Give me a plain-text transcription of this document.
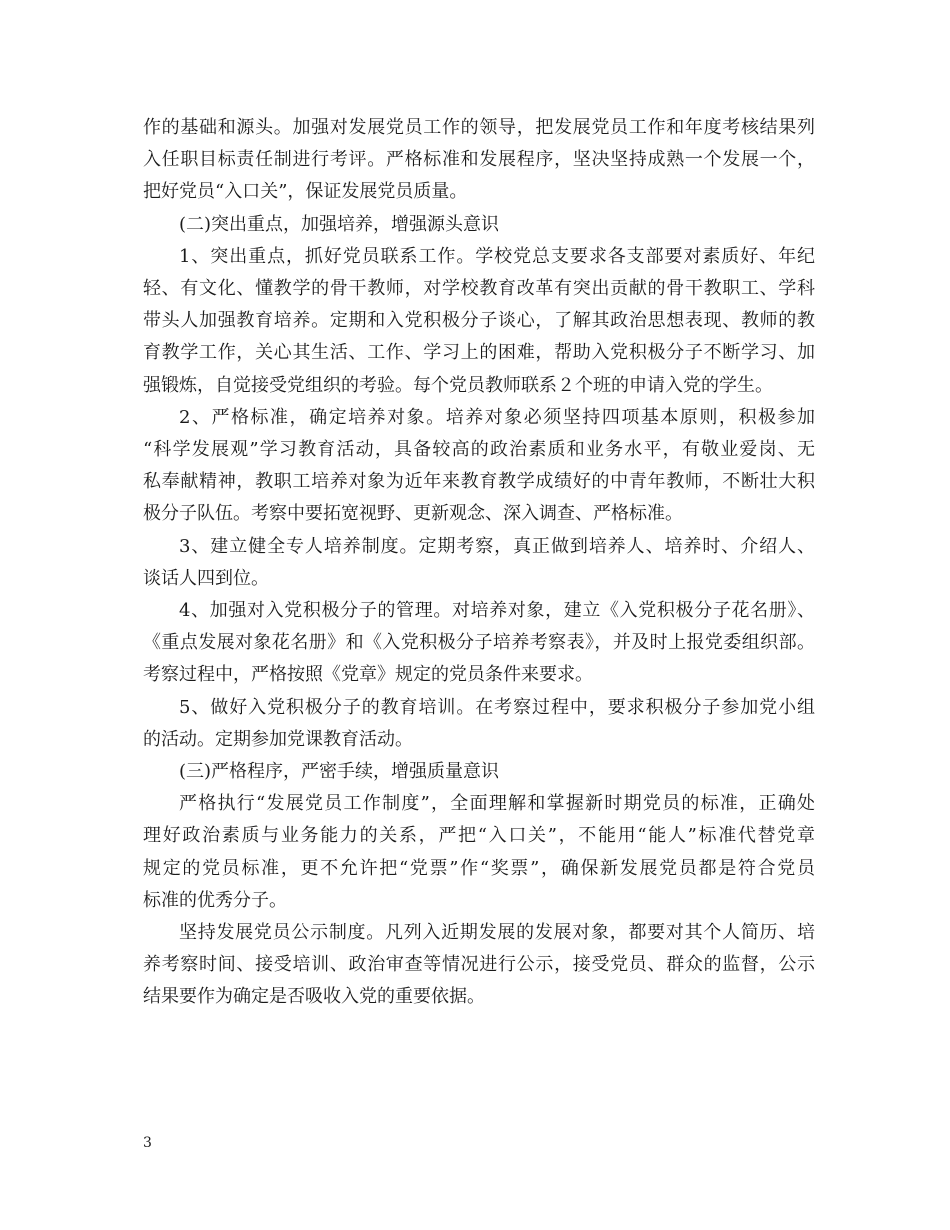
作的基础和源头。加强对发展党员工作的领导，把发展党员工作和年度考核结果列
入任职目标责任制进行考评。严格标准和发展程序，坚决坚持成熟一个发展一个，
把好党员“入口关”，保证发展党员质量。
(二)突出重点，加强培养，增强源头意识
1、突出重点，抓好党员联系工作。学校党总支要求各支部要对素质好、年纪
轻、有文化、懂教学的骨干教师，对学校教育改革有突出贡献的骨干教职工、学科
带头人加强教育培养。定期和入党积极分子谈心，了解其政治思想表现、教师的教
育教学工作，关心其生活、工作、学习上的困难，帮助入党积极分子不断学习、加
强锻炼，自觉接受党组织的考验。每个党员教师联系２个班的申请入党的学生。
2、严格标准，确定培养对象。培养对象必须坚持四项基本原则，积极参加
“科学发展观”学习教育活动，具备较高的政治素质和业务水平，有敬业爱岗、无
私奉献精神，教职工培养对象为近年来教育教学成绩好的中青年教师，不断壮大积
极分子队伍。考察中要拓宽视野、更新观念、深入调查、严格标准。
3、建立健全专人培养制度。定期考察，真正做到培养人、培养时、介绍人、
谈话人四到位。
4、加强对入党积极分子的管理。对培养对象，建立《入党积极分子花名册》、
《重点发展对象花名册》和《入党积极分子培养考察表》，并及时上报党委组织部。
考察过程中，严格按照《党章》规定的党员条件来要求。
5、做好入党积极分子的教育培训。在考察过程中，要求积极分子参加党小组
的活动。定期参加党课教育活动。
(三)严格程序，严密手续，增强质量意识
严格执行“发展党员工作制度”，全面理解和掌握新时期党员的标准，正确处
理好政治素质与业务能力的关系，严把“入口关”，不能用“能人”标准代替党章
规定的党员标准，更不允许把“党票”作“奖票”，确保新发展党员都是符合党员
标准的优秀分子。
坚持发展党员公示制度。凡列入近期发展的发展对象，都要对其个人简历、培
养考察时间、接受培训、政治审查等情况进行公示，接受党员、群众的监督，公示
结果要作为确定是否吸收入党的重要依据。
3
